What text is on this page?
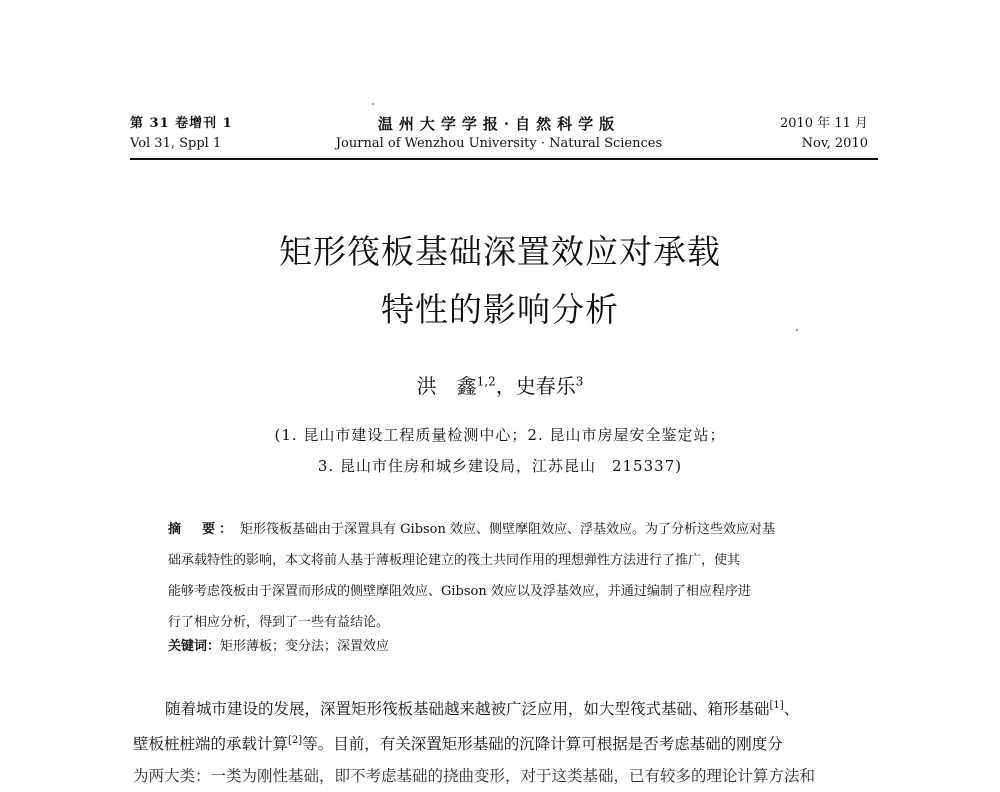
第 31 卷增刊 1
Vol 31, Sppl 1
温州大学学报·自然科学版
Journal of Wenzhou University · Natural Sciences
2010 年 11 月
Nov, 2010
矩形筏板基础深置效应对承载
特性的影响分析
洪　鑫$^{1,2}$，史春乐$^3$
(1. 昆山市建设工程质量检测中心；2. 昆山市房屋安全鉴定站；
3. 昆山市住房和城乡建设局，江苏昆山　215337)
摘　要： 矩形筏板基础由于深置具有 Gibson 效应、侧壁摩阻效应、浮基效应。为了分析这些效应对基
础承载特性的影响，本文将前人基于薄板理论建立的筏土共同作用的理想弹性方法进行了推广，使其
能够考虑筏板由于深置而形成的侧壁摩阻效应、Gibson 效应以及浮基效应，并通过编制了相应程序进
行了相应分析，得到了一些有益结论。
关键词：矩形薄板；变分法；深置效应
随着城市建设的发展，深置矩形筏板基础越来越被广泛应用，如大型筏式基础、箱形基础[1]、
壁板桩桩端的承载计算[2]等。目前，有关深置矩形基础的沉降计算可根据是否考虑基础的刚度分
为两大类：一类为刚性基础，即不考虑基础的挠曲变形，对于这类基础，已有较多的理论计算方法和
